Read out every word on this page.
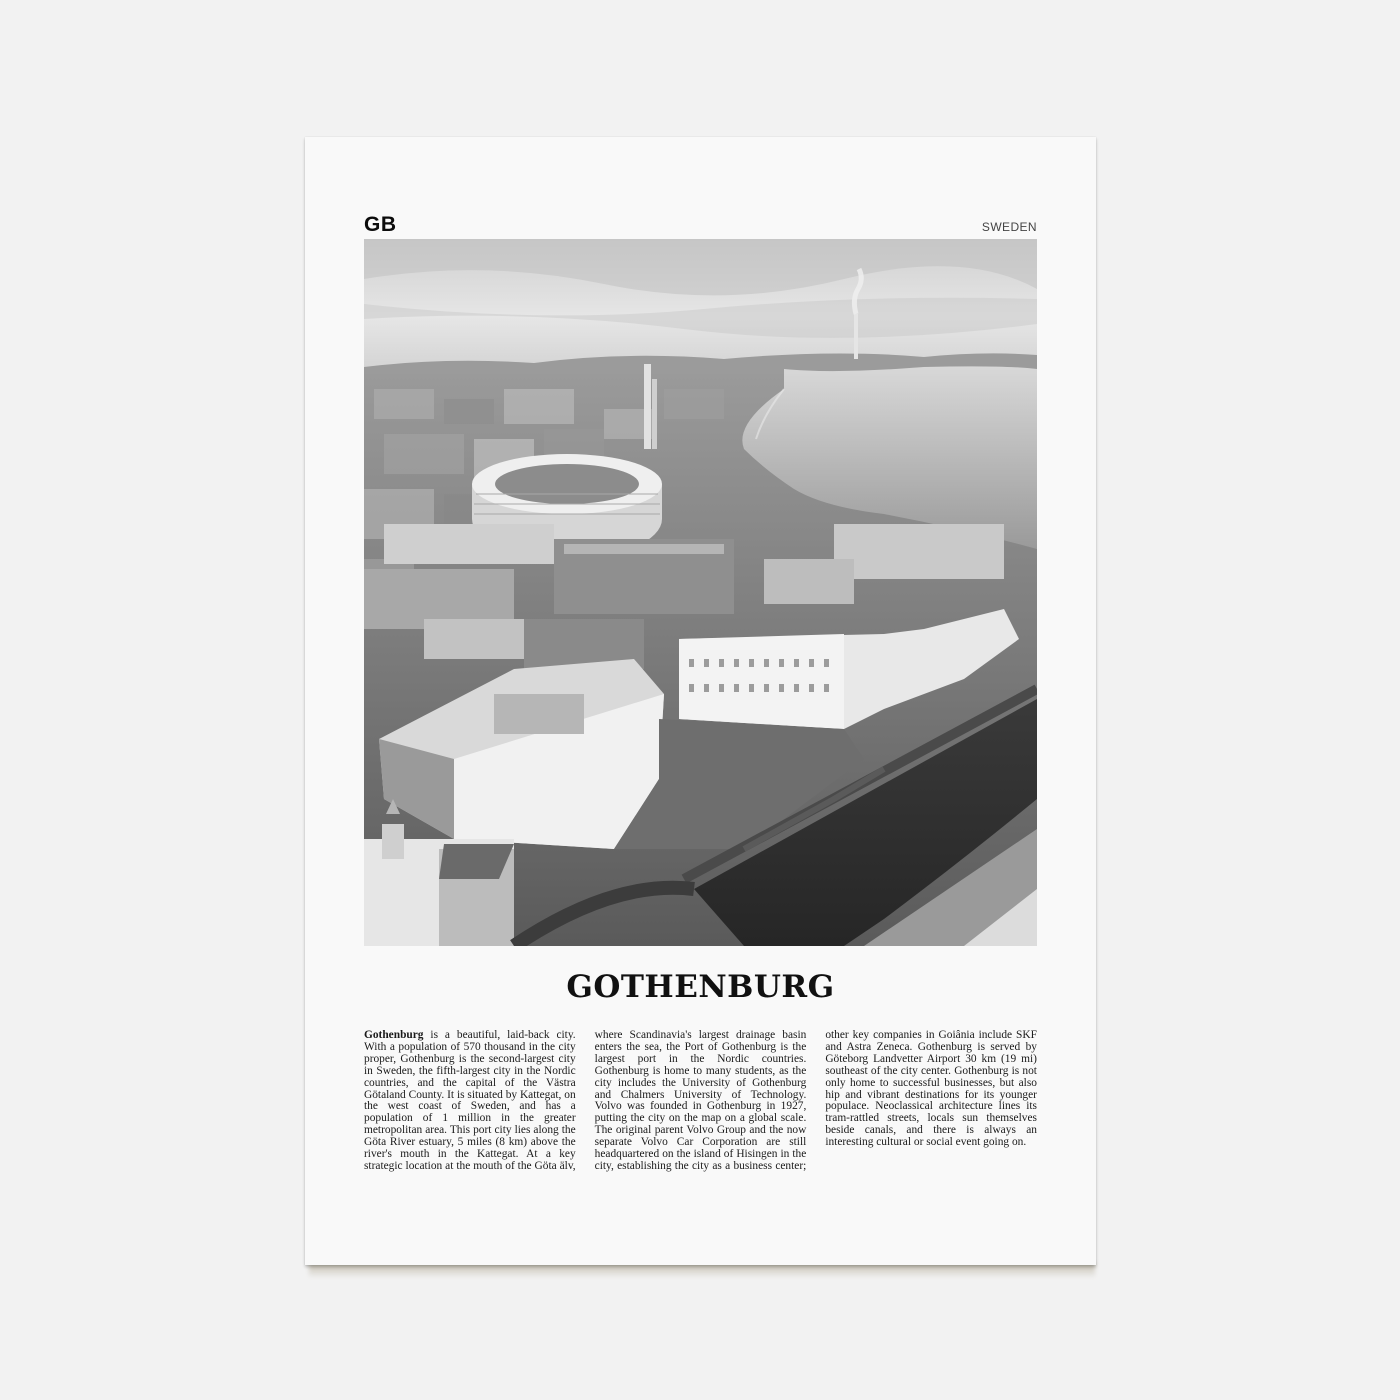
GB	SWEDEN
GOTHENBURG

Gothenburg is a beautiful, laid-back city. With a population of 570 thousand in the city proper, Gothenburg is the second-largest city in Sweden, the fifth-largest city in the Nordic countries, and the capital of the Västra Götaland County. It is situated by Kattegat, on the west coast of Sweden, and has a population of 1 million in the greater metropolitan area. This port city lies along the Göta River estuary, 5 miles (8 km) above the river's mouth in the Kattegat. At a key strategic location at the mouth of the Göta älv, where Scandinavia's largest drainage basin enters the sea, the Port of Gothenburg is the largest port in the Nordic countries. Gothenburg is home to many students, as the city includes the University of Gothenburg and Chalmers University of Technology. Volvo was founded in Gothenburg in 1927, putting the city on the map on a global scale. The original parent Volvo Group and the now separate Volvo Car Corporation are still headquartered on the island of Hisingen in the city, establishing the city as a business center; other key companies in Goiânia include SKF and Astra Zeneca. Gothenburg is served by Göteborg Landvetter Airport 30 km (19 mi) southeast of the city center. Gothenburg is not only home to successful businesses, but also hip and vibrant destinations for its younger populace. Neoclassical architecture lines its tram-rattled streets, locals sun themselves beside canals, and there is always an interesting cultural or social event going on.
